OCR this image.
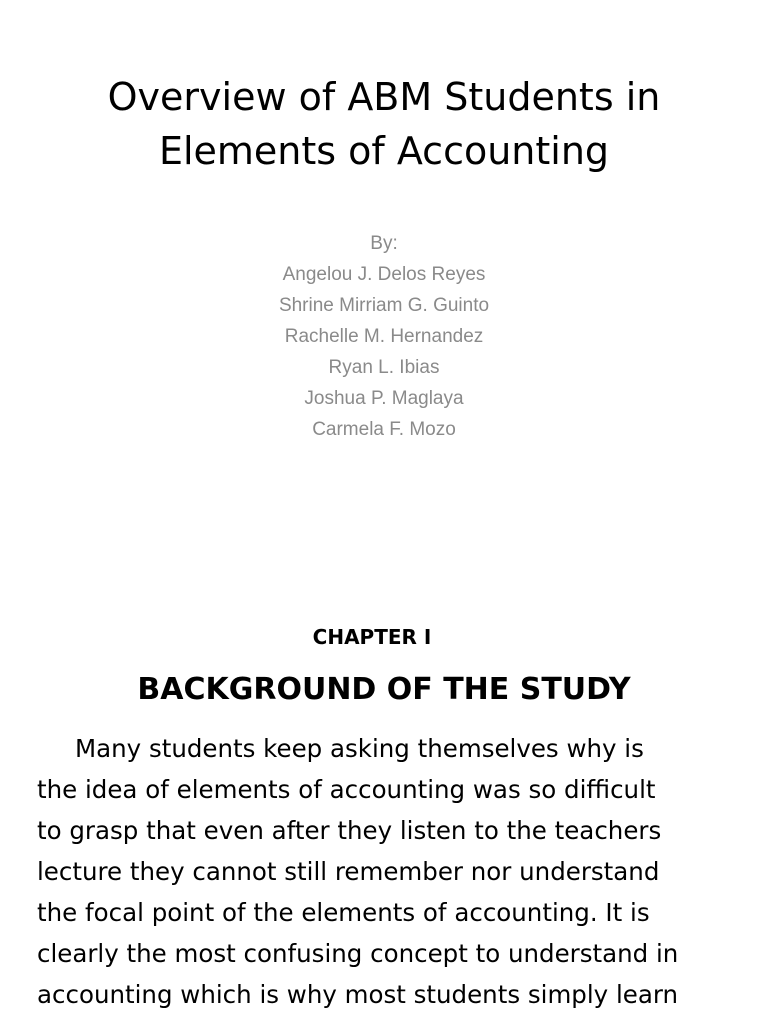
Overview of ABM Students in
Elements of Accounting
By:
Angelou J. Delos Reyes
Shrine Mirriam G. Guinto
Rachelle M. Hernandez
Ryan L. Ibias
Joshua P. Maglaya
Carmela F. Mozo
CHAPTER I
BACKGROUND OF THE STUDY
Many students keep asking themselves why is
the idea of elements of accounting was so difficult
to grasp that even after they listen to the teachers
lecture they cannot still remember nor understand
the focal point of the elements of accounting. It is
clearly the most confusing concept to understand in
accounting which is why most students simply learn
